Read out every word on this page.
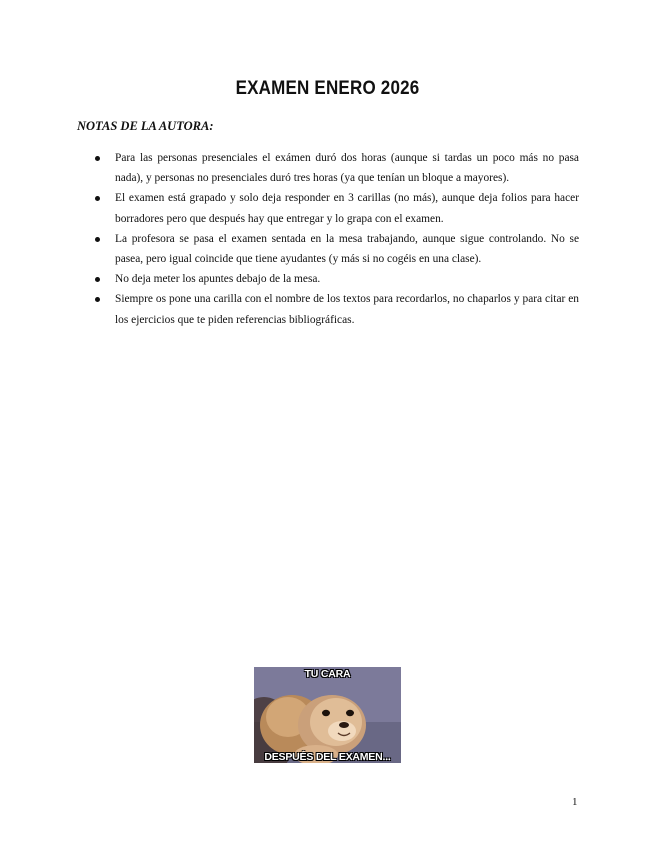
EXAMEN ENERO 2026
NOTAS DE LA AUTORA:
Para las personas presenciales el exámen duró dos horas (aunque si tardas un poco más no pasa nada), y personas no presenciales duró tres horas (ya que tenían un bloque a mayores).
El examen está grapado y solo deja responder en 3 carillas (no más), aunque deja folios para hacer borradores pero que después hay que entregar y lo grapa con el examen.
La profesora se pasa el examen sentada en la mesa trabajando, aunque sigue controlando. No se pasea, pero igual coincide que tiene ayudantes (y más si no cogéis en una clase).
No deja meter los apuntes debajo de la mesa.
Siempre os pone una carilla con el nombre de los textos para recordarlos, no chaparlos y para citar en los ejercicios que te piden referencias bibliográficas.
TU CARA
DESPUÉS DEL EXAMEN...
1
